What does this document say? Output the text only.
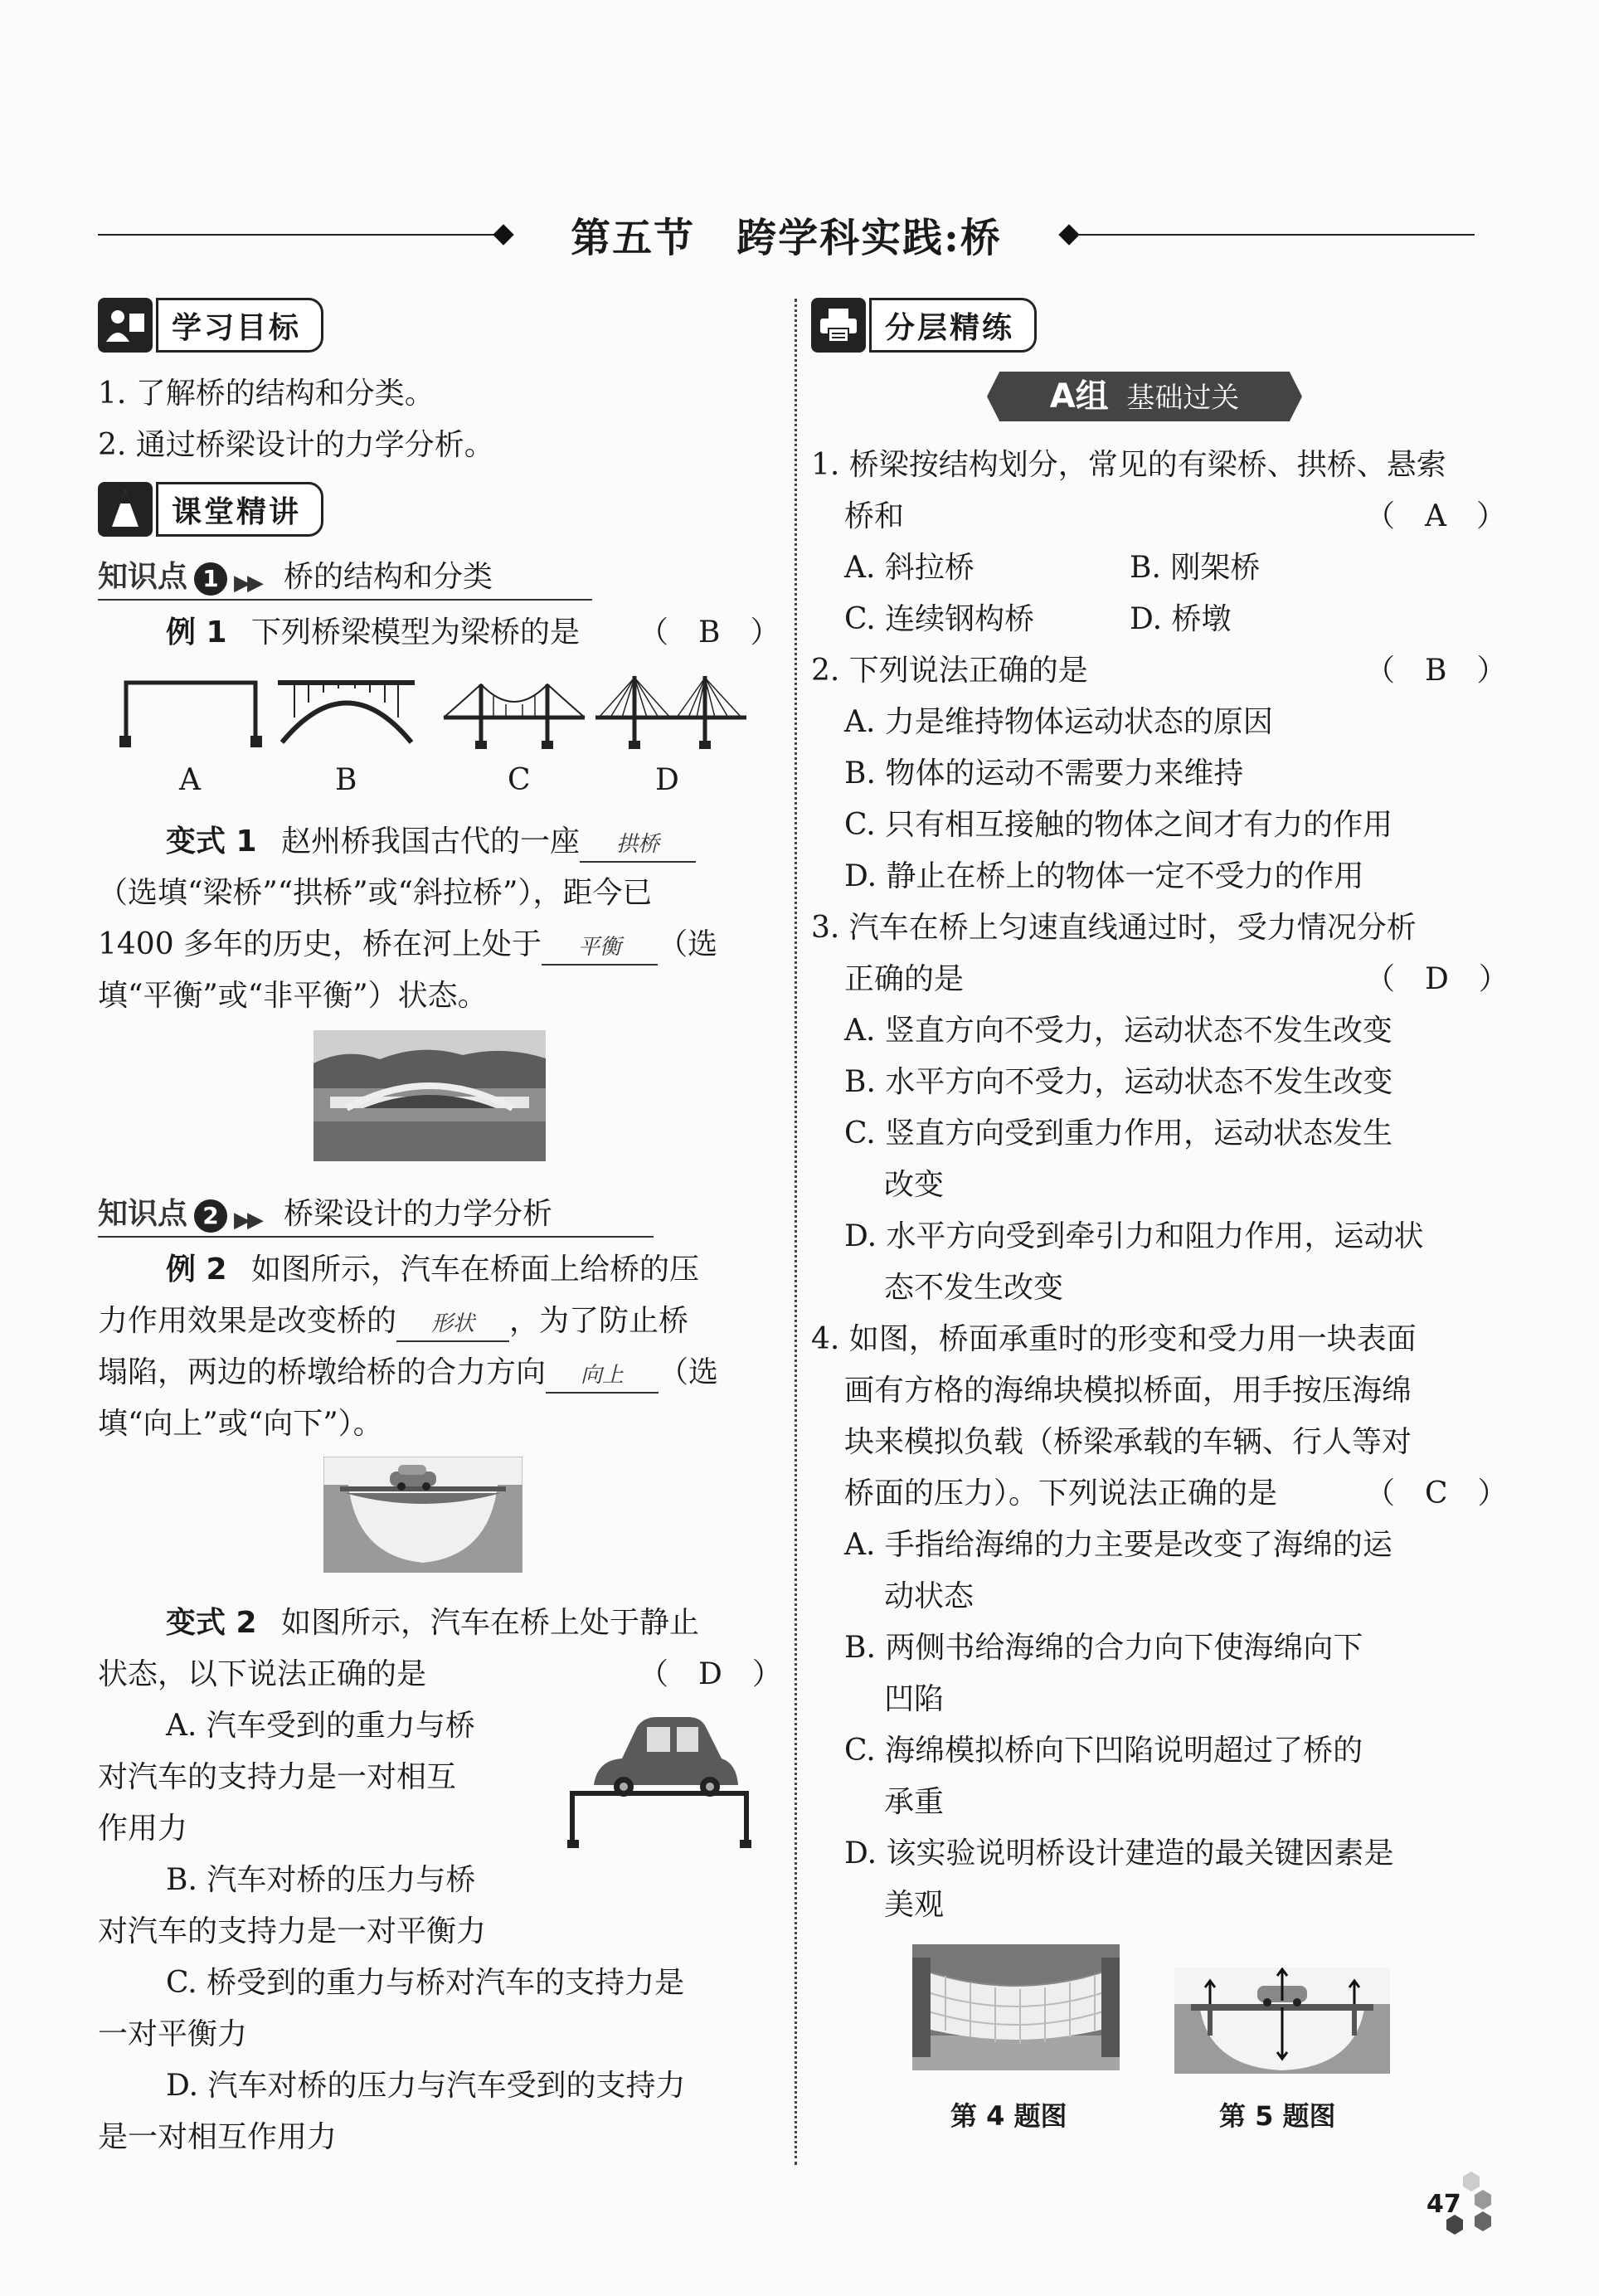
第五节　跨学科实践:桥
学习目标
1. 了解桥的结构和分类。
2. 通过桥梁设计的力学分析。
课堂精讲
知识点 1 ▶▶ 桥的结构和分类
例 1 下列桥梁模型为梁桥的是 （　B　）
A	B	C	D
变式 1 赵州桥我国古代的一座 拱桥
（选填“梁桥”“拱桥”或“斜拉桥”），距今已
1400 多年的历史，桥在河上处于 平衡 （选
填“平衡”或“非平衡”）状态。
知识点 2 ▶▶ 桥梁设计的力学分析
例 2 如图所示，汽车在桥面上给桥的压
力作用效果是改变桥的 形状 ，为了防止桥
塌陷，两边的桥墩给桥的合力方向 向上 （选
填“向上”或“向下”）。
变式 2 如图所示，汽车在桥上处于静止
状态，以下说法正确的是	（　D　）
A. 汽车受到的重力与桥
对汽车的支持力是一对相互
作用力
B. 汽车对桥的压力与桥
对汽车的支持力是一对平衡力
C. 桥受到的重力与桥对汽车的支持力是
一对平衡力
D. 汽车对桥的压力与汽车受到的支持力
是一对相互作用力
分层精练
A组 基础过关
1. 桥梁按结构划分，常见的有梁桥、拱桥、悬索
桥和	（　A　）
A. 斜拉桥	B. 刚架桥
C. 连续钢构桥	D. 桥墩
2. 下列说法正确的是	（　B　）
A. 力是维持物体运动状态的原因
B. 物体的运动不需要力来维持
C. 只有相互接触的物体之间才有力的作用
D. 静止在桥上的物体一定不受力的作用
3. 汽车在桥上匀速直线通过时，受力情况分析
正确的是	（　D　）
A. 竖直方向不受力，运动状态不发生改变
B. 水平方向不受力，运动状态不发生改变
C. 竖直方向受到重力作用，运动状态发生
改变
D. 水平方向受到牵引力和阻力作用，运动状
态不发生改变
4. 如图，桥面承重时的形变和受力用一块表面
画有方格的海绵块模拟桥面，用手按压海绵
块来模拟负载（桥梁承载的车辆、行人等对
桥面的压力）。下列说法正确的是	（　C　）
A. 手指给海绵的力主要是改变了海绵的运
动状态
B. 两侧书给海绵的合力向下使海绵向下
凹陷
C. 海绵模拟桥向下凹陷说明超过了桥的
承重
D. 该实验说明桥设计建造的最关键因素是
美观
第 4 题图	第 5 题图
47
